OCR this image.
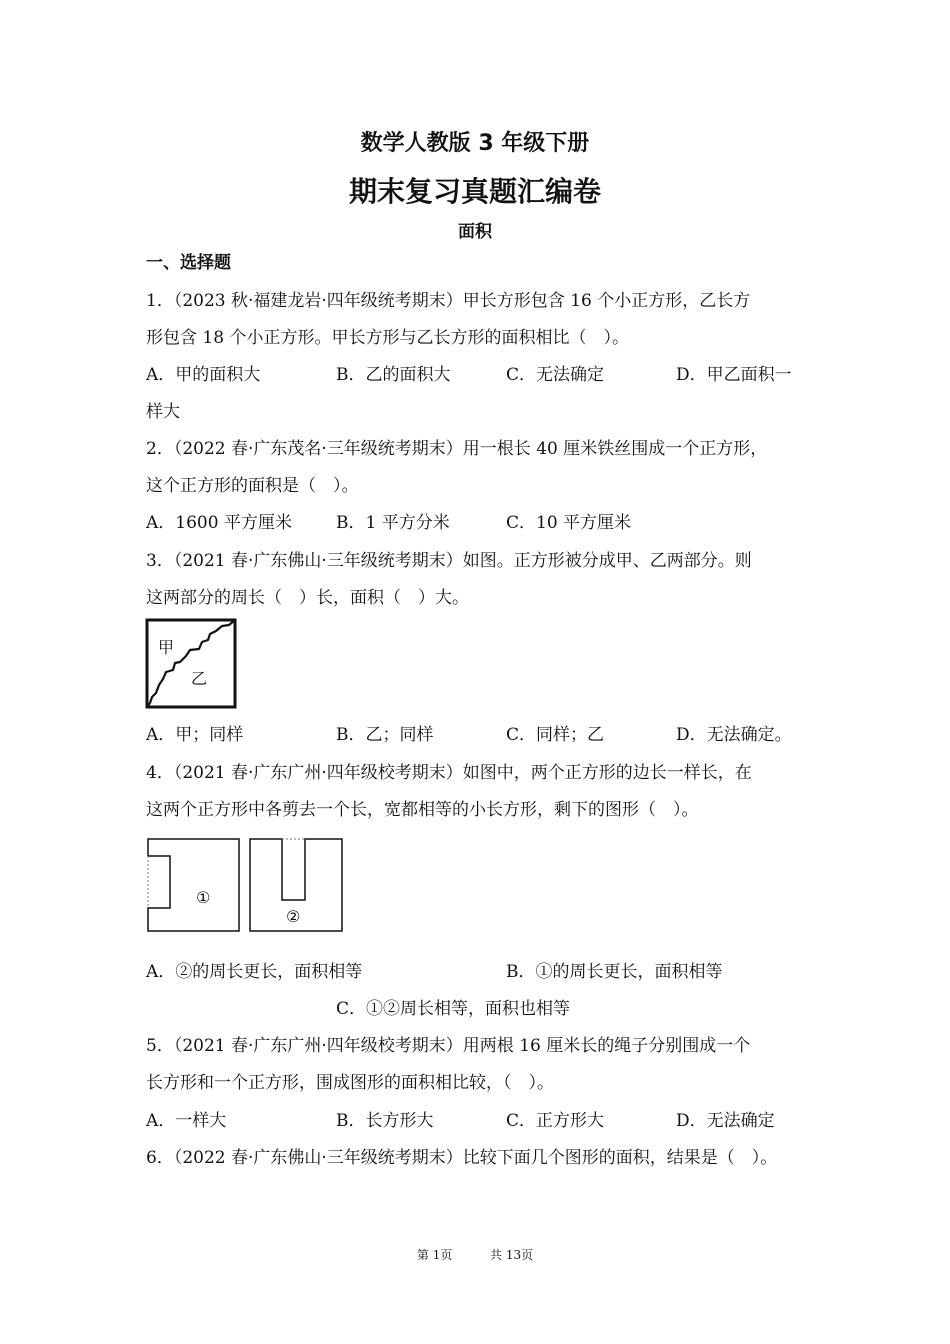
数学人教版 3 年级下册
期末复习真题汇编卷
面积
一、选择题
1．（2023 秋·福建龙岩·四年级统考期末）甲长方形包含 16 个小正方形，乙长方
形包含 18 个小正方形。甲长方形与乙长方形的面积相比（　）。
A．甲的面积大	B．乙的面积大	C．无法确定	D．甲乙面积一
样大
2．（2022 春·广东茂名·三年级统考期末）用一根长 40 厘米铁丝围成一个正方形，
这个正方形的面积是（　）。
A．1600 平方厘米	B．1 平方分米	C．10 平方厘米
3．（2021 春·广东佛山·三年级统考期末）如图。正方形被分成甲、乙两部分。则
这两部分的周长（　）长，面积（　）大。
甲
乙
A．甲；同样	B．乙；同样	C．同样；乙	D．无法确定。
4．（2021 春·广东广州·四年级校考期末）如图中，两个正方形的边长一样长，在
这两个正方形中各剪去一个长，宽都相等的小长方形，剩下的图形（　）。
①
②
A．②的周长更长，面积相等	B．①的周长更长，面积相等
C．①②周长相等，面积也相等
5．（2021 春·广东广州·四年级校考期末）用两根 16 厘米长的绳子分别围成一个
长方形和一个正方形，围成图形的面积相比较，（　）。
A．一样大	B．长方形大	C．正方形大	D．无法确定
6．（2022 春·广东佛山·三年级统考期末）比较下面几个图形的面积，结果是（　）。
第 1页	共 13页
